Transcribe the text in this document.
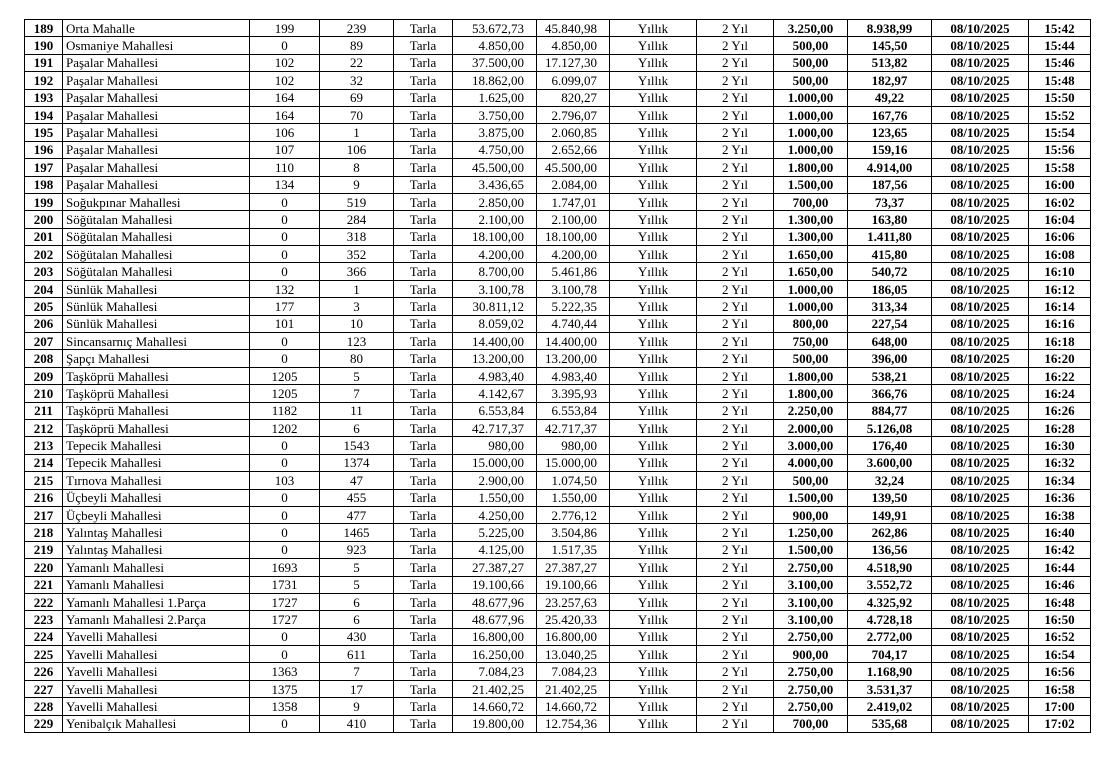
189	Orta Mahalle	199	239	Tarla	53.672,73	45.840,98	Yıllık	2 Yıl	3.250,00	8.938,99	08/10/2025	15:42
190	Osmaniye Mahallesi	0	89	Tarla	4.850,00	4.850,00	Yıllık	2 Yıl	500,00	145,50	08/10/2025	15:44
191	Paşalar Mahallesi	102	22	Tarla	37.500,00	17.127,30	Yıllık	2 Yıl	500,00	513,82	08/10/2025	15:46
192	Paşalar Mahallesi	102	32	Tarla	18.862,00	6.099,07	Yıllık	2 Yıl	500,00	182,97	08/10/2025	15:48
193	Paşalar Mahallesi	164	69	Tarla	1.625,00	820,27	Yıllık	2 Yıl	1.000,00	49,22	08/10/2025	15:50
194	Paşalar Mahallesi	164	70	Tarla	3.750,00	2.796,07	Yıllık	2 Yıl	1.000,00	167,76	08/10/2025	15:52
195	Paşalar Mahallesi	106	1	Tarla	3.875,00	2.060,85	Yıllık	2 Yıl	1.000,00	123,65	08/10/2025	15:54
196	Paşalar Mahallesi	107	106	Tarla	4.750,00	2.652,66	Yıllık	2 Yıl	1.000,00	159,16	08/10/2025	15:56
197	Paşalar Mahallesi	110	8	Tarla	45.500,00	45.500,00	Yıllık	2 Yıl	1.800,00	4.914,00	08/10/2025	15:58
198	Paşalar Mahallesi	134	9	Tarla	3.436,65	2.084,00	Yıllık	2 Yıl	1.500,00	187,56	08/10/2025	16:00
199	Soğukpınar Mahallesi	0	519	Tarla	2.850,00	1.747,01	Yıllık	2 Yıl	700,00	73,37	08/10/2025	16:02
200	Söğütalan Mahallesi	0	284	Tarla	2.100,00	2.100,00	Yıllık	2 Yıl	1.300,00	163,80	08/10/2025	16:04
201	Söğütalan Mahallesi	0	318	Tarla	18.100,00	18.100,00	Yıllık	2 Yıl	1.300,00	1.411,80	08/10/2025	16:06
202	Söğütalan Mahallesi	0	352	Tarla	4.200,00	4.200,00	Yıllık	2 Yıl	1.650,00	415,80	08/10/2025	16:08
203	Söğütalan Mahallesi	0	366	Tarla	8.700,00	5.461,86	Yıllık	2 Yıl	1.650,00	540,72	08/10/2025	16:10
204	Sünlük Mahallesi	132	1	Tarla	3.100,78	3.100,78	Yıllık	2 Yıl	1.000,00	186,05	08/10/2025	16:12
205	Sünlük Mahallesi	177	3	Tarla	30.811,12	5.222,35	Yıllık	2 Yıl	1.000,00	313,34	08/10/2025	16:14
206	Sünlük Mahallesi	101	10	Tarla	8.059,02	4.740,44	Yıllık	2 Yıl	800,00	227,54	08/10/2025	16:16
207	Sincansarnıç Mahallesi	0	123	Tarla	14.400,00	14.400,00	Yıllık	2 Yıl	750,00	648,00	08/10/2025	16:18
208	Şapçı Mahallesi	0	80	Tarla	13.200,00	13.200,00	Yıllık	2 Yıl	500,00	396,00	08/10/2025	16:20
209	Taşköprü Mahallesi	1205	5	Tarla	4.983,40	4.983,40	Yıllık	2 Yıl	1.800,00	538,21	08/10/2025	16:22
210	Taşköprü Mahallesi	1205	7	Tarla	4.142,67	3.395,93	Yıllık	2 Yıl	1.800,00	366,76	08/10/2025	16:24
211	Taşköprü Mahallesi	1182	11	Tarla	6.553,84	6.553,84	Yıllık	2 Yıl	2.250,00	884,77	08/10/2025	16:26
212	Taşköprü Mahallesi	1202	6	Tarla	42.717,37	42.717,37	Yıllık	2 Yıl	2.000,00	5.126,08	08/10/2025	16:28
213	Tepecik Mahallesi	0	1543	Tarla	980,00	980,00	Yıllık	2 Yıl	3.000,00	176,40	08/10/2025	16:30
214	Tepecik Mahallesi	0	1374	Tarla	15.000,00	15.000,00	Yıllık	2 Yıl	4.000,00	3.600,00	08/10/2025	16:32
215	Tırnova Mahallesi	103	47	Tarla	2.900,00	1.074,50	Yıllık	2 Yıl	500,00	32,24	08/10/2025	16:34
216	Üçbeyli Mahallesi	0	455	Tarla	1.550,00	1.550,00	Yıllık	2 Yıl	1.500,00	139,50	08/10/2025	16:36
217	Üçbeyli Mahallesi	0	477	Tarla	4.250,00	2.776,12	Yıllık	2 Yıl	900,00	149,91	08/10/2025	16:38
218	Yalıntaş Mahallesi	0	1465	Tarla	5.225,00	3.504,86	Yıllık	2 Yıl	1.250,00	262,86	08/10/2025	16:40
219	Yalıntaş Mahallesi	0	923	Tarla	4.125,00	1.517,35	Yıllık	2 Yıl	1.500,00	136,56	08/10/2025	16:42
220	Yamanlı Mahallesi	1693	5	Tarla	27.387,27	27.387,27	Yıllık	2 Yıl	2.750,00	4.518,90	08/10/2025	16:44
221	Yamanlı Mahallesi	1731	5	Tarla	19.100,66	19.100,66	Yıllık	2 Yıl	3.100,00	3.552,72	08/10/2025	16:46
222	Yamanlı Mahallesi 1.Parça	1727	6	Tarla	48.677,96	23.257,63	Yıllık	2 Yıl	3.100,00	4.325,92	08/10/2025	16:48
223	Yamanlı Mahallesi 2.Parça	1727	6	Tarla	48.677,96	25.420,33	Yıllık	2 Yıl	3.100,00	4.728,18	08/10/2025	16:50
224	Yavelli Mahallesi	0	430	Tarla	16.800,00	16.800,00	Yıllık	2 Yıl	2.750,00	2.772,00	08/10/2025	16:52
225	Yavelli Mahallesi	0	611	Tarla	16.250,00	13.040,25	Yıllık	2 Yıl	900,00	704,17	08/10/2025	16:54
226	Yavelli Mahallesi	1363	7	Tarla	7.084,23	7.084,23	Yıllık	2 Yıl	2.750,00	1.168,90	08/10/2025	16:56
227	Yavelli Mahallesi	1375	17	Tarla	21.402,25	21.402,25	Yıllık	2 Yıl	2.750,00	3.531,37	08/10/2025	16:58
228	Yavelli Mahallesi	1358	9	Tarla	14.660,72	14.660,72	Yıllık	2 Yıl	2.750,00	2.419,02	08/10/2025	17:00
229	Yenibalçık Mahallesi	0	410	Tarla	19.800,00	12.754,36	Yıllık	2 Yıl	700,00	535,68	08/10/2025	17:02
